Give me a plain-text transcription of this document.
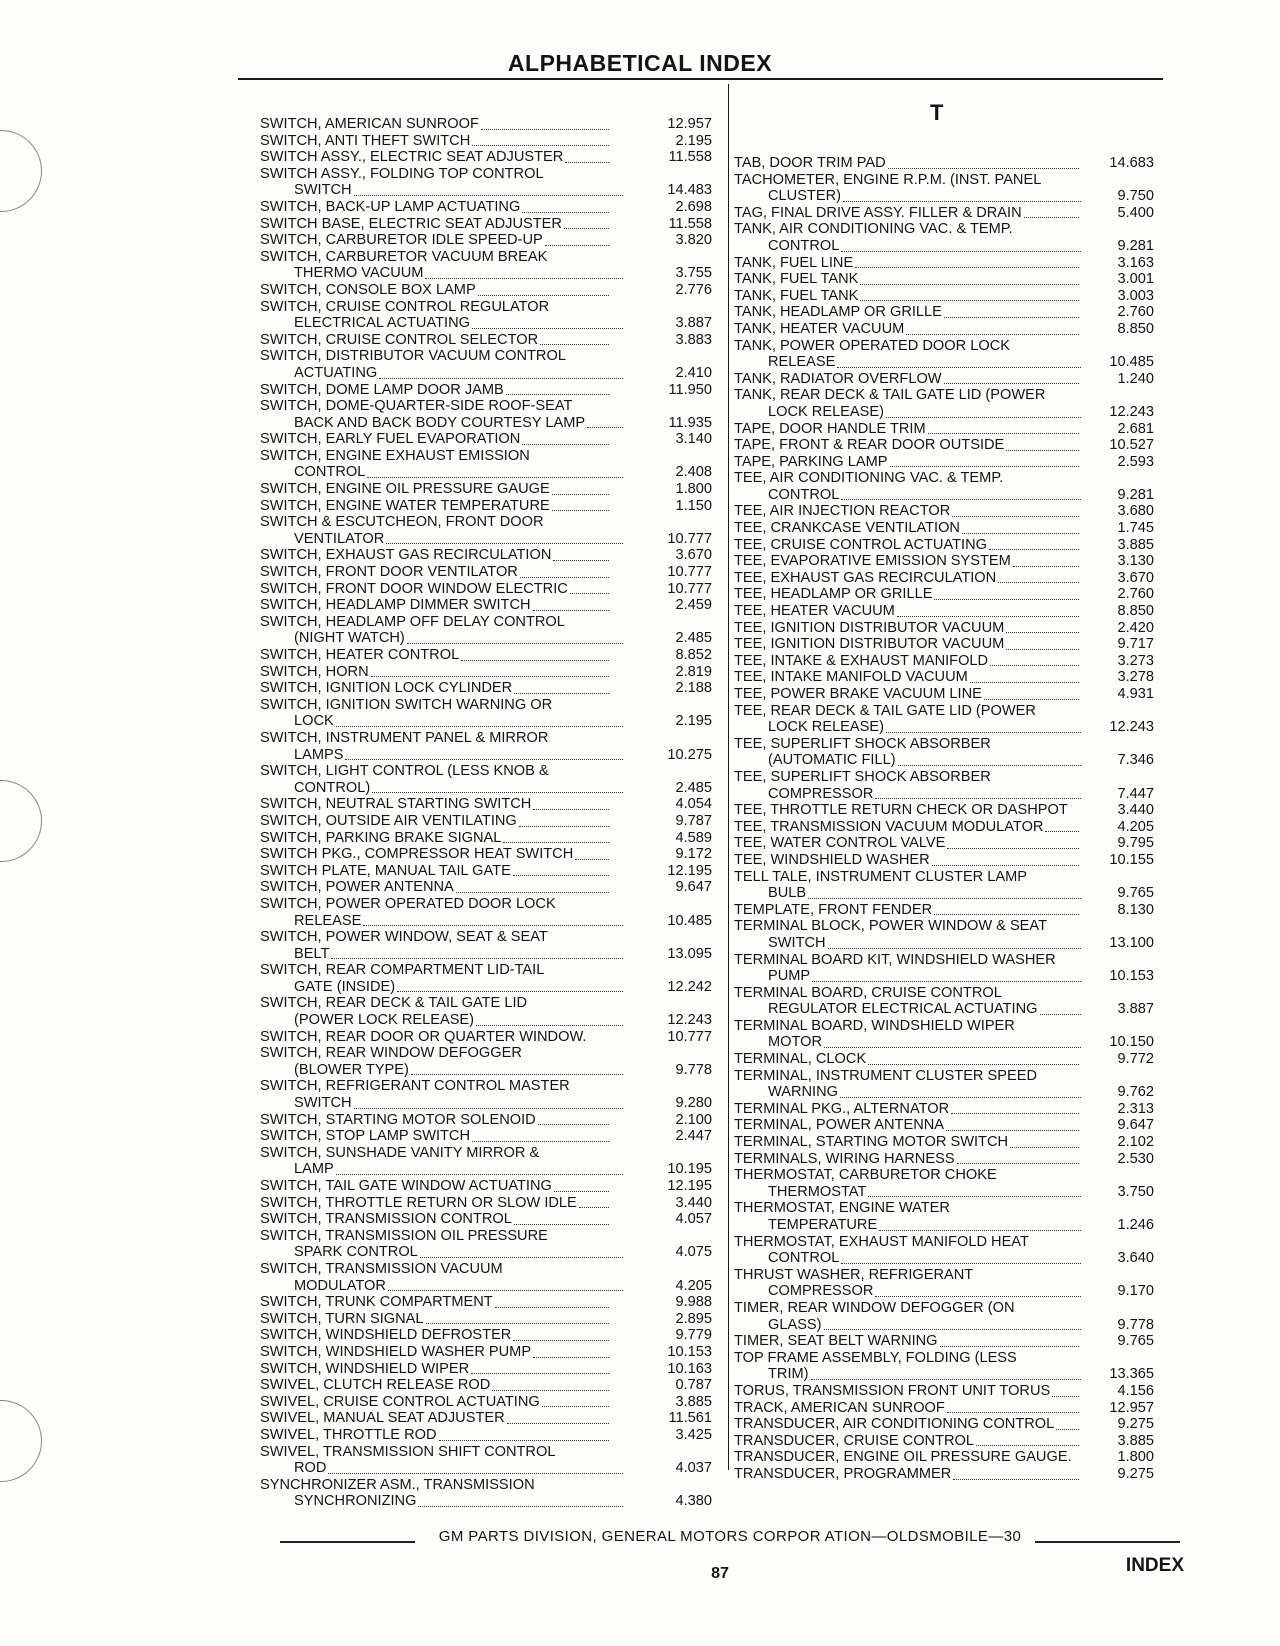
ALPHABETICAL INDEX
T
SWITCH, AMERICAN SUNROOF	12.957
SWITCH, ANTI THEFT SWITCH	2.195
SWITCH ASSY., ELECTRIC SEAT ADJUSTER	11.558
SWITCH ASSY., FOLDING TOP CONTROL
SWITCH	14.483
SWITCH, BACK-UP LAMP ACTUATING	2.698
SWITCH BASE, ELECTRIC SEAT ADJUSTER	11.558
SWITCH, CARBURETOR IDLE SPEED-UP	3.820
SWITCH, CARBURETOR VACUUM BREAK
THERMO VACUUM	3.755
SWITCH, CONSOLE BOX LAMP	2.776
SWITCH, CRUISE CONTROL REGULATOR
ELECTRICAL ACTUATING	3.887
SWITCH, CRUISE CONTROL SELECTOR	3.883
SWITCH, DISTRIBUTOR VACUUM CONTROL
ACTUATING	2.410
SWITCH, DOME LAMP DOOR JAMB	11.950
SWITCH, DOME-QUARTER-SIDE ROOF-SEAT
BACK AND BACK BODY COURTESY LAMP	11.935
SWITCH, EARLY FUEL EVAPORATION	3.140
SWITCH, ENGINE EXHAUST EMISSION
CONTROL	2.408
SWITCH, ENGINE OIL PRESSURE GAUGE	1.800
SWITCH, ENGINE WATER TEMPERATURE	1.150
SWITCH & ESCUTCHEON, FRONT DOOR
VENTILATOR	10.777
SWITCH, EXHAUST GAS RECIRCULATION	3.670
SWITCH, FRONT DOOR VENTILATOR	10.777
SWITCH, FRONT DOOR WINDOW ELECTRIC	10.777
SWITCH, HEADLAMP DIMMER SWITCH	2.459
SWITCH, HEADLAMP OFF DELAY CONTROL
(NIGHT WATCH)	2.485
SWITCH, HEATER CONTROL	8.852
SWITCH, HORN	2.819
SWITCH, IGNITION LOCK CYLINDER	2.188
SWITCH, IGNITION SWITCH WARNING OR
LOCK	2.195
SWITCH, INSTRUMENT PANEL & MIRROR
LAMPS	10.275
SWITCH, LIGHT CONTROL (LESS KNOB &
CONTROL)	2.485
SWITCH, NEUTRAL STARTING SWITCH	4.054
SWITCH, OUTSIDE AIR VENTILATING	9.787
SWITCH, PARKING BRAKE SIGNAL	4.589
SWITCH PKG., COMPRESSOR HEAT SWITCH	9.172
SWITCH PLATE, MANUAL TAIL GATE	12.195
SWITCH, POWER ANTENNA	9.647
SWITCH, POWER OPERATED DOOR LOCK
RELEASE	10.485
SWITCH, POWER WINDOW, SEAT & SEAT
BELT	13.095
SWITCH, REAR COMPARTMENT LID-TAIL
GATE (INSIDE)	12.242
SWITCH, REAR DECK & TAIL GATE LID
(POWER LOCK RELEASE)	12.243
SWITCH, REAR DOOR OR QUARTER WINDOW.	10.777
SWITCH, REAR WINDOW DEFOGGER
(BLOWER TYPE)	9.778
SWITCH, REFRIGERANT CONTROL MASTER
SWITCH	9.280
SWITCH, STARTING MOTOR SOLENOID	2.100
SWITCH, STOP LAMP SWITCH	2.447
SWITCH, SUNSHADE VANITY MIRROR &
LAMP	10.195
SWITCH, TAIL GATE WINDOW ACTUATING	12.195
SWITCH, THROTTLE RETURN OR SLOW IDLE	3.440
SWITCH, TRANSMISSION CONTROL	4.057
SWITCH, TRANSMISSION OIL PRESSURE
SPARK CONTROL	4.075
SWITCH, TRANSMISSION VACUUM
MODULATOR	4.205
SWITCH, TRUNK COMPARTMENT	9.988
SWITCH, TURN SIGNAL	2.895
SWITCH, WINDSHIELD DEFROSTER	9.779
SWITCH, WINDSHIELD WASHER PUMP	10.153
SWITCH, WINDSHIELD WIPER	10.163
SWIVEL, CLUTCH RELEASE ROD	0.787
SWIVEL, CRUISE CONTROL ACTUATING	3.885
SWIVEL, MANUAL SEAT ADJUSTER	11.561
SWIVEL, THROTTLE ROD	3.425
SWIVEL, TRANSMISSION SHIFT CONTROL
ROD	4.037
SYNCHRONIZER ASM., TRANSMISSION
SYNCHRONIZING	4.380
TAB, DOOR TRIM PAD	14.683
TACHOMETER, ENGINE R.P.M. (INST. PANEL
CLUSTER)	9.750
TAG, FINAL DRIVE ASSY. FILLER & DRAIN	5.400
TANK, AIR CONDITIONING VAC. & TEMP.
CONTROL	9.281
TANK, FUEL LINE	3.163
TANK, FUEL TANK	3.001
TANK, FUEL TANK	3.003
TANK, HEADLAMP OR GRILLE	2.760
TANK, HEATER VACUUM	8.850
TANK, POWER OPERATED DOOR LOCK
RELEASE	10.485
TANK, RADIATOR OVERFLOW	1.240
TANK, REAR DECK & TAIL GATE LID (POWER
LOCK RELEASE)	12.243
TAPE, DOOR HANDLE TRIM	2.681
TAPE, FRONT & REAR DOOR OUTSIDE	10.527
TAPE, PARKING LAMP	2.593
TEE, AIR CONDITIONING VAC. & TEMP.
CONTROL	9.281
TEE, AIR INJECTION REACTOR	3.680
TEE, CRANKCASE VENTILATION	1.745
TEE, CRUISE CONTROL ACTUATING	3.885
TEE, EVAPORATIVE EMISSION SYSTEM	3.130
TEE, EXHAUST GAS RECIRCULATION	3.670
TEE, HEADLAMP OR GRILLE	2.760
TEE, HEATER VACUUM	8.850
TEE, IGNITION DISTRIBUTOR VACUUM	2.420
TEE, IGNITION DISTRIBUTOR VACUUM	9.717
TEE, INTAKE & EXHAUST MANIFOLD	3.273
TEE, INTAKE MANIFOLD VACUUM	3.278
TEE, POWER BRAKE VACUUM LINE	4.931
TEE, REAR DECK & TAIL GATE LID (POWER
LOCK RELEASE)	12.243
TEE, SUPERLIFT SHOCK ABSORBER
(AUTOMATIC FILL)	7.346
TEE, SUPERLIFT SHOCK ABSORBER
COMPRESSOR	7.447
TEE, THROTTLE RETURN CHECK OR DASHPOT	3.440
TEE, TRANSMISSION VACUUM MODULATOR	4.205
TEE, WATER CONTROL VALVE	9.795
TEE, WINDSHIELD WASHER	10.155
TELL TALE, INSTRUMENT CLUSTER LAMP
BULB	9.765
TEMPLATE, FRONT FENDER	8.130
TERMINAL BLOCK, POWER WINDOW & SEAT
SWITCH	13.100
TERMINAL BOARD KIT, WINDSHIELD WASHER
PUMP	10.153
TERMINAL BOARD, CRUISE CONTROL
REGULATOR ELECTRICAL ACTUATING	3.887
TERMINAL BOARD, WINDSHIELD WIPER
MOTOR	10.150
TERMINAL, CLOCK	9.772
TERMINAL, INSTRUMENT CLUSTER SPEED
WARNING	9.762
TERMINAL PKG., ALTERNATOR	2.313
TERMINAL, POWER ANTENNA	9.647
TERMINAL, STARTING MOTOR SWITCH	2.102
TERMINALS, WIRING HARNESS	2.530
THERMOSTAT, CARBURETOR CHOKE
THERMOSTAT	3.750
THERMOSTAT, ENGINE WATER
TEMPERATURE	1.246
THERMOSTAT, EXHAUST MANIFOLD HEAT
CONTROL	3.640
THRUST WASHER, REFRIGERANT
COMPRESSOR	9.170
TIMER, REAR WINDOW DEFOGGER (ON
GLASS)	9.778
TIMER, SEAT BELT WARNING	9.765
TOP FRAME ASSEMBLY, FOLDING (LESS
TRIM)	13.365
TORUS, TRANSMISSION FRONT UNIT TORUS	4.156
TRACK, AMERICAN SUNROOF	12.957
TRANSDUCER, AIR CONDITIONING CONTROL	9.275
TRANSDUCER, CRUISE CONTROL	3.885
TRANSDUCER, ENGINE OIL PRESSURE GAUGE.	1.800
TRANSDUCER, PROGRAMMER	9.275
GM PARTS DIVISION, GENERAL MOTORS CORPOR ATION—OLDSMOBILE—30
87	INDEX
